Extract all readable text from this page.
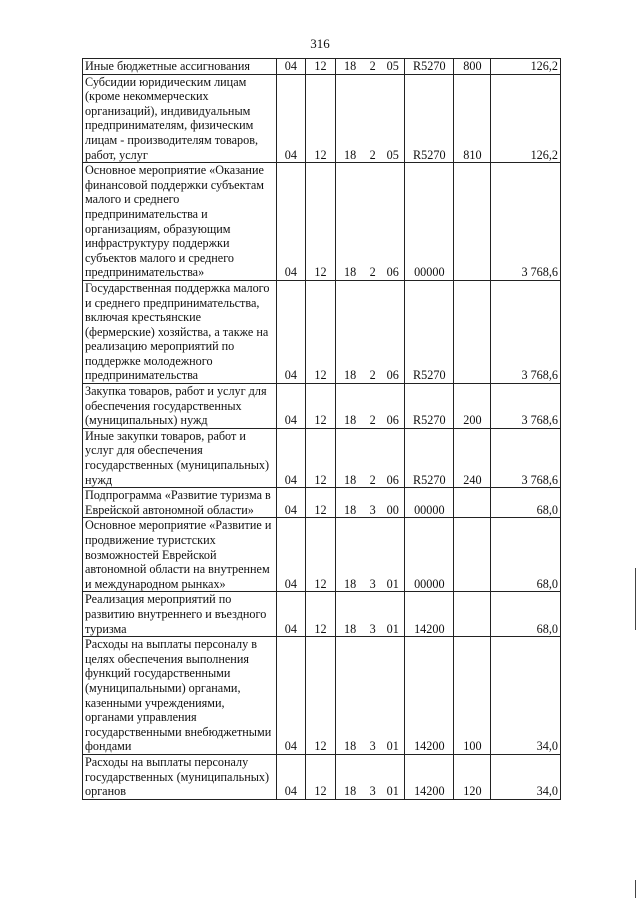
316
Иные бюджетные ассигнования	04	12	18	2	05	R5270	800	126,2
Субсидии юридическим лицам (кроме некоммерческих организаций), индивидуальным предпринимателям, физическим лицам - производителям товаров, работ, услуг	04	12	18	2	05	R5270	810	126,2
Основное мероприятие «Оказание финансовой поддержки субъектам малого и среднего предпринимательства и организациям, образующим инфраструктуру поддержки субъектов малого и среднего предпринимательства»	04	12	18	2	06	00000		3 768,6
Государственная поддержка малого и среднего предпринимательства, включая крестьянские (фермерские) хозяйства, а также на реализацию мероприятий по поддержке молодежного предпринимательства	04	12	18	2	06	R5270		3 768,6
Закупка товаров, работ и услуг для обеспечения государственных (муниципальных) нужд	04	12	18	2	06	R5270	200	3 768,6
Иные закупки товаров, работ и услуг для обеспечения государственных (муниципальных) нужд	04	12	18	2	06	R5270	240	3 768,6
Подпрограмма «Развитие туризма в Еврейской автономной области»	04	12	18	3	00	00000		68,0
Основное мероприятие «Развитие и продвижение туристских возможностей Еврейской автономной области на внутреннем и международном рынках»	04	12	18	3	01	00000		68,0
Реализация мероприятий по развитию внутреннего и въездного туризма	04	12	18	3	01	14200		68,0
Расходы на выплаты персоналу в целях обеспечения выполнения функций государственными (муниципальными) органами, казенными учреждениями, органами управления государственными внебюджетными фондами	04	12	18	3	01	14200	100	34,0
Расходы на выплаты персоналу государственных (муниципальных) органов	04	12	18	3	01	14200	120	34,0
